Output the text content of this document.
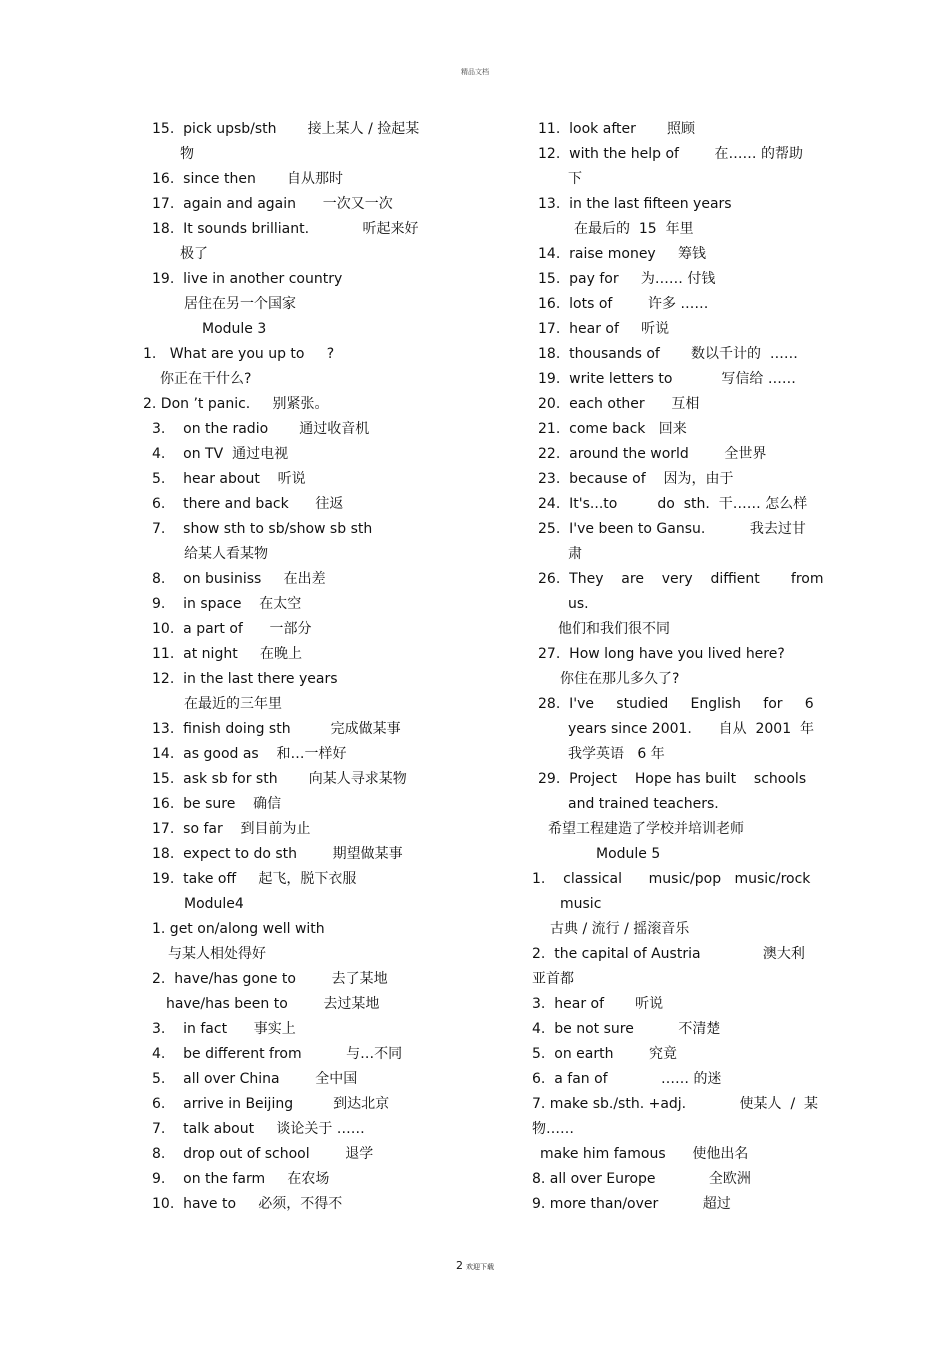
精品文档
15.  pick upsb/sth       接上某人 / 捡起某
物
16.  since then       自从那时
17.  again and again      一次又一次
18.  It sounds brilliant.            听起来好
极了
19.  live in another country
居住在另一个国家
Module 3
1.   What are you up to     ?
你正在干什么?
2. Don ’t panic.     别紧张。
3.    on the radio       通过收音机
4.    on TV  通过电视
5.    hear about    听说
6.    there and back      往返
7.    show sth to sb/show sb sth
给某人看某物
8.    on businiss     在出差
9.    in space    在太空
10.  a part of      一部分
11.  at night     在晚上
12.  in the last there years
在最近的三年里
13.  finish doing sth         完成做某事
14.  as good as    和…一样好
15.  ask sb for sth       向某人寻求某物
16.  be sure    确信
17.  so far    到目前为止
18.  expect to do sth        期望做某事
19.  take off     起飞，脱下衣服
Module4
1. get on/along well with
与某人相处得好
2.  have/has gone to        去了某地
have/has been to        去过某地
3.    in fact      事实上
4.    be different from          与…不同
5.    all over China        全中国
6.    arrive in Beijing         到达北京
7.    talk about     谈论关于 ……
8.    drop out of school        退学
9.    on the farm     在农场
10.  have to     必须，不得不
11.  look after       照顾
12.  with the help of        在…… 的帮助
下
13.  in the last fifteen years
在最后的  15  年里
14.  raise money     筹钱
15.  pay for     为…… 付钱
16.  lots of        许多 ……
17.  hear of     听说
18.  thousands of       数以千计的  ……
19.  write letters to           写信给 ……
20.  each other      互相
21.  come back   回来
22.  around the world        全世界
23.  because of    因为，由于
24.  It's...to         do  sth.  干…… 怎么样
25.  I've been to Gansu.          我去过甘
肃
26.  They    are    very    diffient       from
us.
他们和我们很不同
27.  How long have you lived here?
你住在那儿多久了?
28.  I've     studied     English     for     6
years since 2001.      自从  2001  年
我学英语   6 年
29.  Project    Hope has built    schools
and trained teachers.
希望工程建造了学校并培训老师
Module 5
1.    classical      music/pop   music/rock
music
古典 / 流行 / 摇滚音乐
2.  the capital of Austria              澳大利
亚首都
3.  hear of       听说
4.  be not sure          不清楚
5.  on earth        究竟
6.  a fan of            …… 的迷
7. make sb./sth. +adj.            使某人  /  某
物……
make him famous      使他出名
8. all over Europe            全欧洲
9. more than/over          超过
2 欢迎下载
